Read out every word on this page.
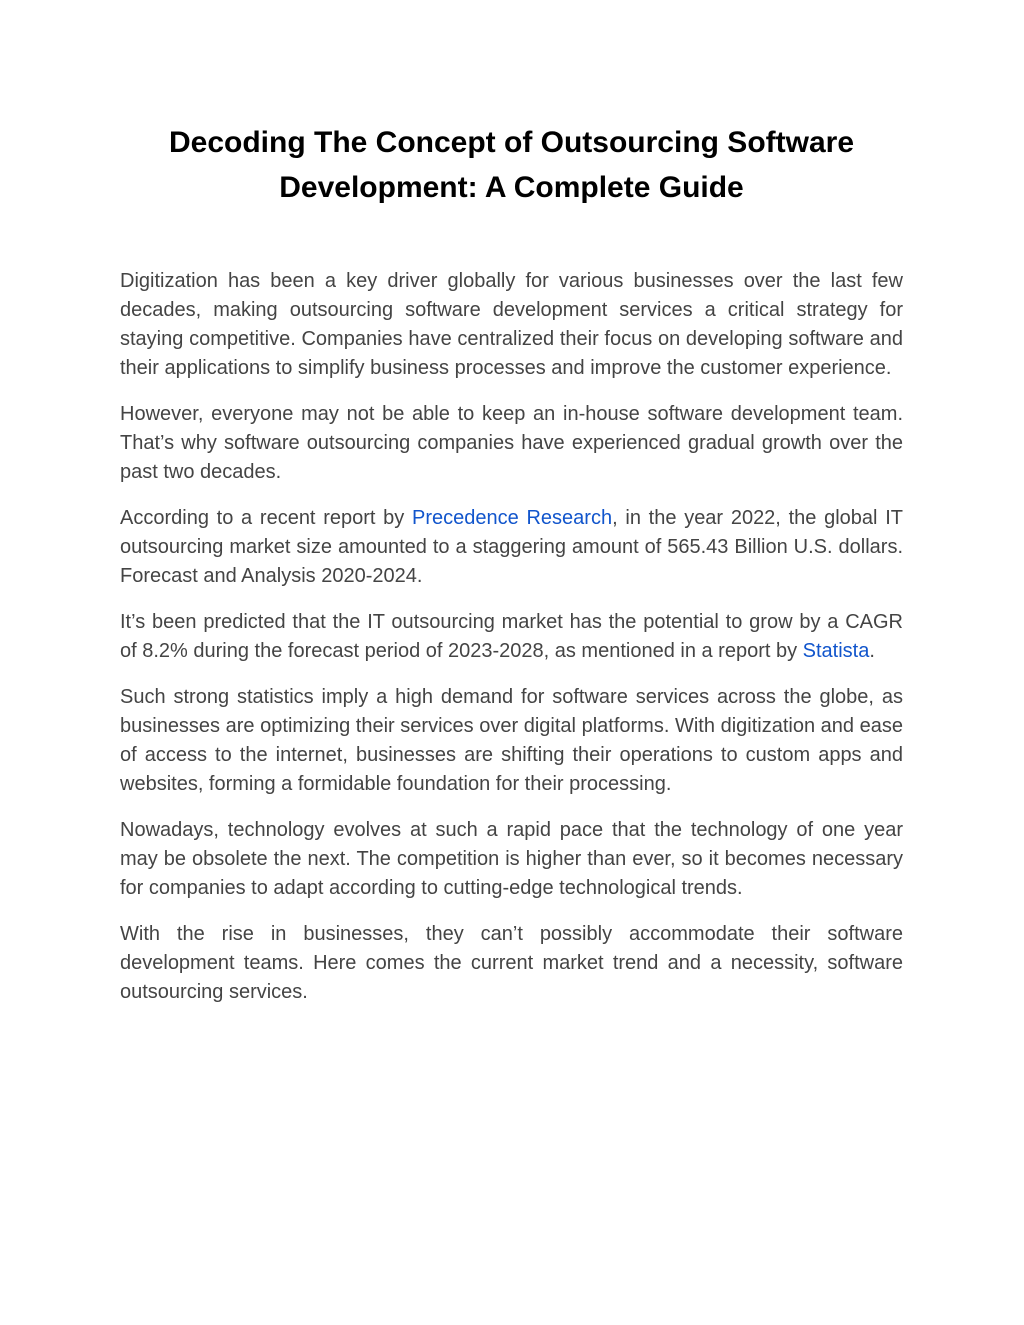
Decoding The Concept of Outsourcing Software Development: A Complete Guide

Digitization has been a key driver globally for various businesses over the last few decades, making outsourcing software development services a critical strategy for staying competitive. Companies have centralized their focus on developing software and their applications to simplify business processes and improve the customer experience.

However, everyone may not be able to keep an in-house software development team. That’s why software outsourcing companies have experienced gradual growth over the past two decades.

According to a recent report by Precedence Research, in the year 2022, the global IT outsourcing market size amounted to a staggering amount of 565.43 Billion U.S. dollars. Forecast and Analysis 2020-2024.

It’s been predicted that the IT outsourcing market has the potential to grow by a CAGR of 8.2% during the forecast period of 2023-2028, as mentioned in a report by Statista.

Such strong statistics imply a high demand for software services across the globe, as businesses are optimizing their services over digital platforms. With digitization and ease of access to the internet, businesses are shifting their operations to custom apps and websites, forming a formidable foundation for their processing.

Nowadays, technology evolves at such a rapid pace that the technology of one year may be obsolete the next. The competition is higher than ever, so it becomes necessary for companies to adapt according to cutting-edge technological trends.

With the rise in businesses, they can’t possibly accommodate their software development teams. Here comes the current market trend and a necessity, software outsourcing services.
